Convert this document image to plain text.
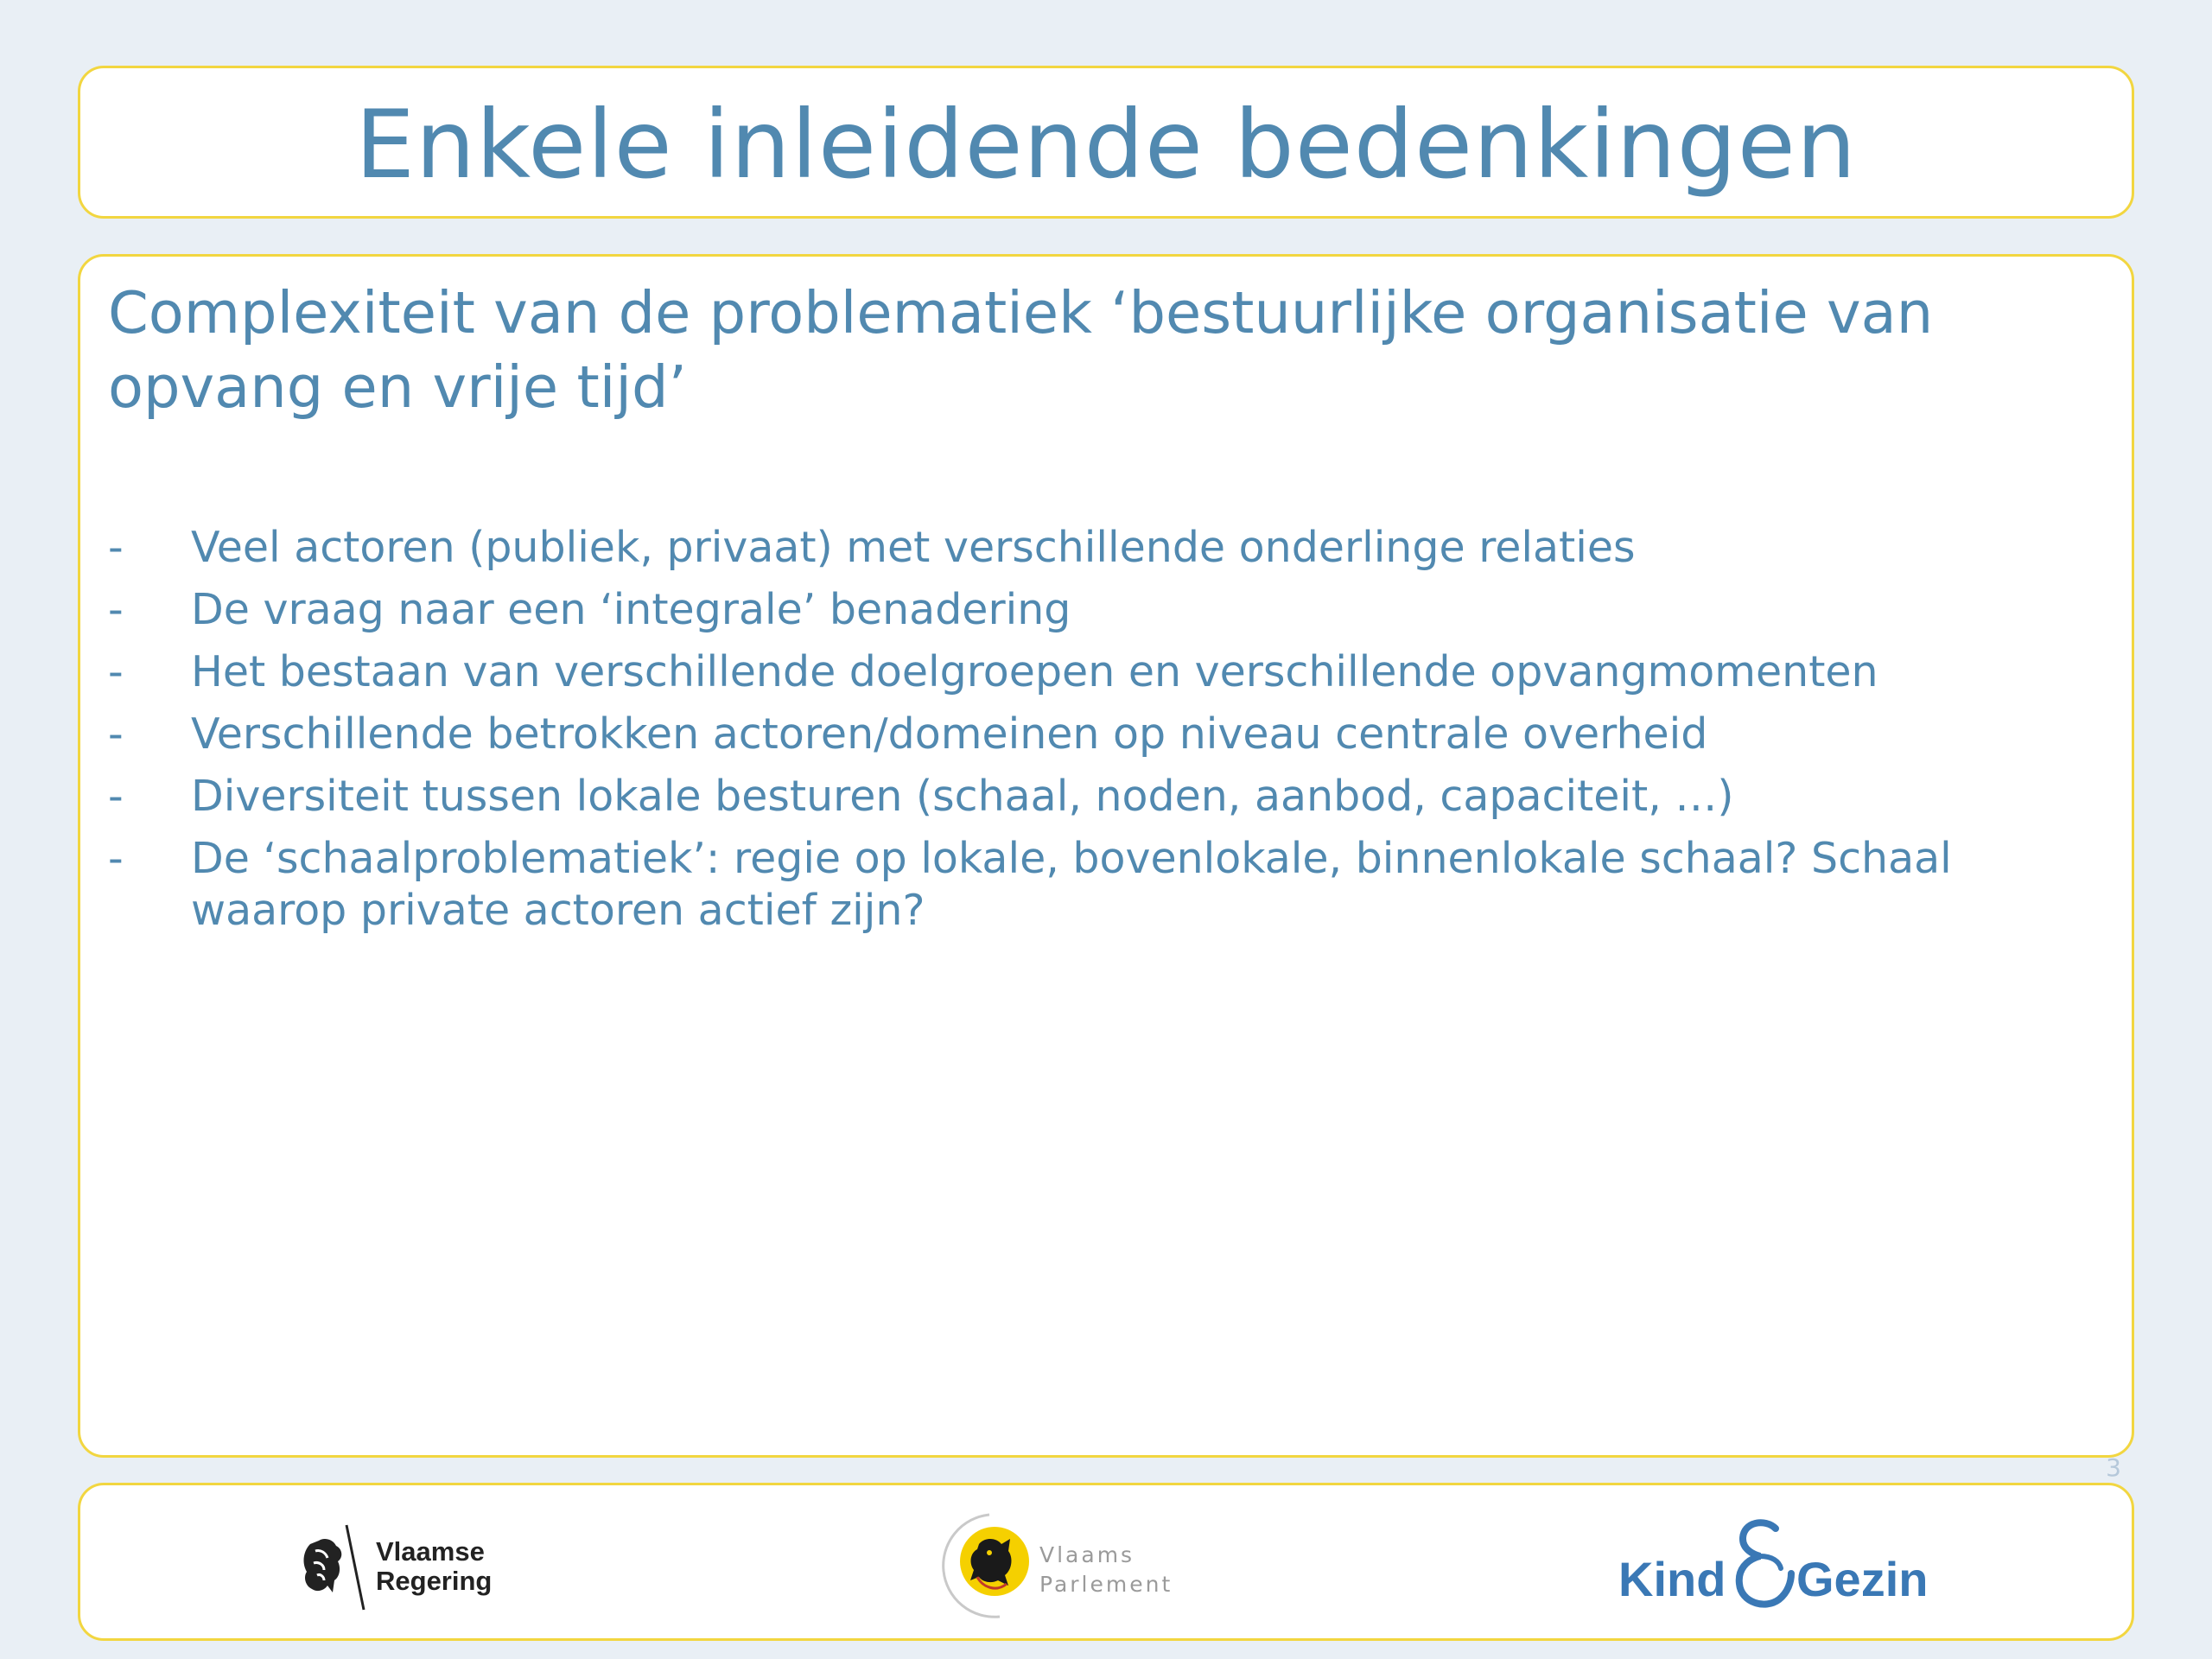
Enkele inleidende bedenkingen
Complexiteit van de problematiek ‘bestuurlijke organisatie van opvang en vrije tijd’
-	Veel actoren (publiek, privaat) met verschillende onderlinge relaties
-	De vraag naar een ‘integrale’ benadering
-	Het bestaan van verschillende doelgroepen en verschillende opvangmomenten
-	Verschillende betrokken actoren/domeinen op niveau centrale overheid
-	Diversiteit tussen lokale besturen (schaal, noden, aanbod, capaciteit, …)
-	De ‘schaalproblematiek’: regie op lokale, bovenlokale, binnenlokale schaal? Schaal waarop private actoren actief zijn?
3
Vlaamse
Regering
Vlaams
Parlement	Kind Gezin
